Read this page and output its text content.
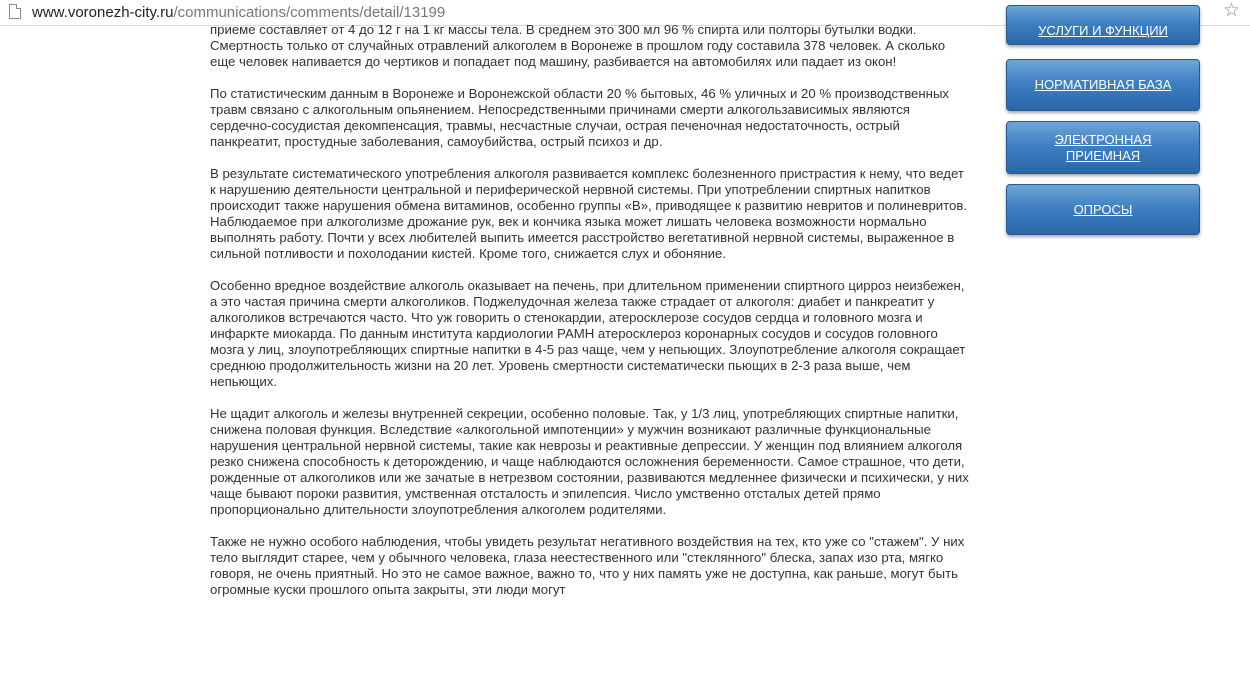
www.voronezh-city.ru/communications/comments/detail/13199	☆

приеме составляет от 4 до 12 г на 1 кг массы тела. В среднем это 300 мл 96 % спирта или полторы бутылки водки. Смертность только от случайных отравлений алкоголем в Воронеже в прошлом году составила 378 человек. А сколько еще человек напивается до чертиков и попадает под машину, разбивается на автомобилях или падает из окон!

По статистическим данным в Воронеже и Воронежской области 20 % бытовых, 46 % уличных и 20 % производственных травм связано с алкогольным опьянением. Непосредственными причинами смерти алкогользависимых являются сердечно-сосудистая декомпенсация, травмы, несчастные случаи, острая печеночная недостаточность, острый панкреатит, простудные заболевания, самоубийства, острый психоз и др.

В результате систематического употребления алкоголя развивается комплекс болезненного пристрастия к нему, что ведет к нарушению деятельности центральной и периферической нервной системы. При употреблении спиртных напитков происходит также нарушения обмена витаминов, особенно группы «В», приводящее к развитию невритов и полиневритов. Наблюдаемое при алкоголизме дрожание рук, век и кончика языка может лишать человека возможности нормально выполнять работу. Почти у всех любителей выпить имеется расстройство вегетативной нервной системы, выраженное в сильной потливости и похолодании кистей. Кроме того, снижается слух и обоняние.

Особенно вредное воздействие алкоголь оказывает на печень, при длительном применении спиртного цирроз неизбежен, а это частая причина смерти алкоголиков. Поджелудочная железа также страдает от алкоголя: диабет и панкреатит у алкоголиков встречаются часто. Что уж говорить о стенокардии, атеросклерозе сосудов сердца и головного мозга и инфаркте миокарда. По данным института кардиологии РАМН атеросклероз коронарных сосудов и сосудов головного мозга у лиц, злоупотребляющих спиртные напитки в 4-5 раз чаще, чем у непьющих. Злоупотребление алкоголя сокращает среднюю продолжительность жизни на 20 лет. Уровень смертности систематически пьющих в 2-3 раза выше, чем непьющих.

Не щадит алкоголь и железы внутренней секреции, особенно половые. Так, у 1/3 лиц, употребляющих спиртные напитки, снижена половая функция. Вследствие «алкогольной импотенции» у мужчин возникают различные функциональные нарушения центральной нервной системы, такие как неврозы и реактивные депрессии. У женщин под влиянием алкоголя резко снижена способность к деторождению, и чаще наблюдаются осложнения беременности. Самое страшное, что дети, рожденные от алкоголиков или же зачатые в нетрезвом состоянии, развиваются медленнее физически и психически, у них чаще бывают пороки развития, умственная отсталость и эпилепсия. Число умственно отсталых детей прямо пропорционально длительности злоупотребления алкоголем родителями.

Также не нужно особого наблюдения, чтобы увидеть результат негативного воздействия на тех, кто уже со "стажем". У них тело выглядит старее, чем у обычного человека, глаза неестественного или "стеклянного" блеска, запах изо рта, мягко говоря, не очень приятный. Но это не самое важное, важно то, что у них память уже не доступна, как раньше, могут быть огромные куски прошлого опыта закрыты, эти люди могут

УСЛУГИ И ФУНКЦИИ
НОРМАТИВНАЯ БАЗА
ЭЛЕКТРОННАЯ ПРИЕМНАЯ
ОПРОСЫ
